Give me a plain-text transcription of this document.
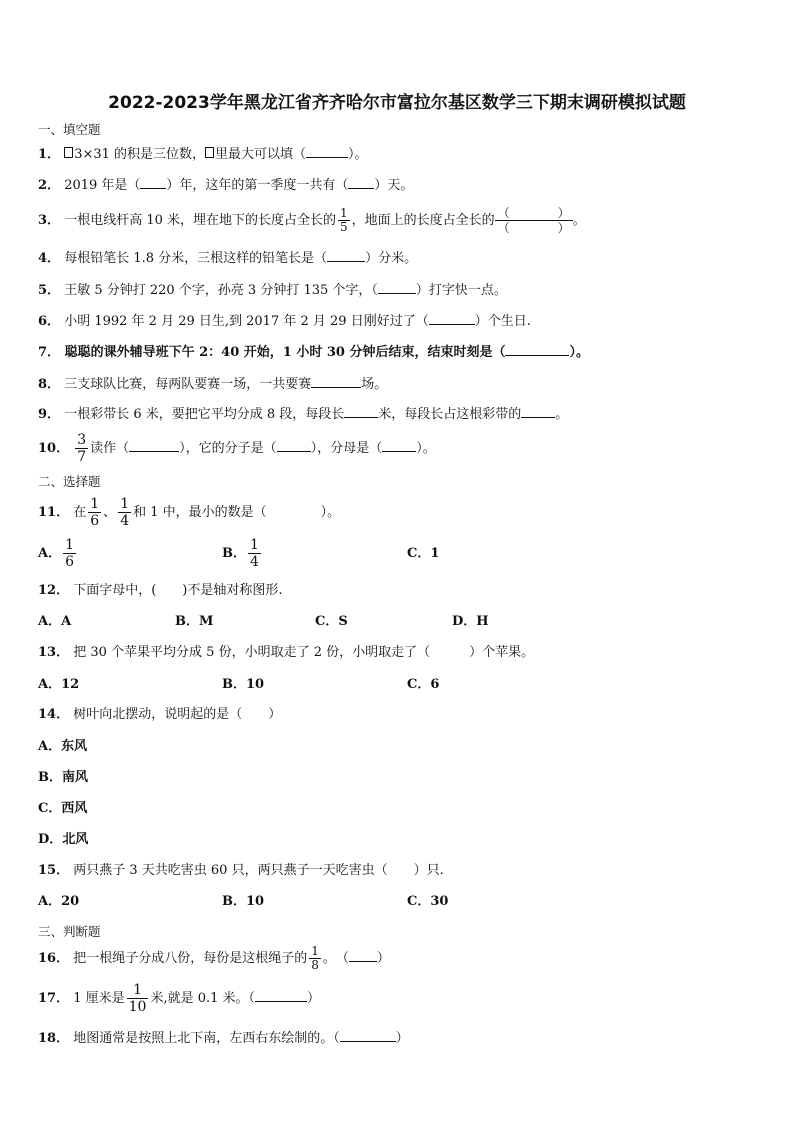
2022-2023学年黑龙江省齐齐哈尔市富拉尔基区数学三下期末调研模拟试题
一、填空题
1． 3×31 的积是三位数， 里最大可以填（	）。
2． 2019 年是（ ）年，这年的第一季度一共有（ ）天。
3． 一根电线杆高 10 米，埋在地下的长度占全长的 $\frac{1}{5}$ ，地面上的长度占全长的 （　　　　）
（　　　　） 。
4． 每根铅笔长 1.8 分米，三根这样的铅笔长是（	）分米。
5． 王敏 5 分钟打 220 个字，孙亮 3 分钟打 135 个字，（	）打字快一点。
6． 小明 1992 年 2 月 29 日生,到 2017 年 2 月 29 日刚好过了（	）个生日.
7． 聪聪的课外辅导班下午 2：40 开始，1 小时 30 分钟后结束，结束时刻是（	）。
8． 三支球队比赛，每两队要赛一场，一共要赛	场。
9． 一根彩带长 6 米，要把它平均分成 8 段，每段长	米，每段长占这根彩带的	。
10． $\frac{3}{7}$ 读作（	），它的分子是（	），分母是（	）。
二、选择题
11． 在 $\frac{1}{6}$ 、 $\frac{1}{4}$ 和 1 中，最小的数是（	）。
A． $\frac{1}{6}$	B． $\frac{1}{4}$	C．1
12． 下面字母中，(　　)不是轴对称图形.
A．A	B．M	C．S	D．H
13． 把 30 个苹果平均分成 5 份，小明取走了 2 份，小明取走了（　　　）个苹果。
A．12	B．10	C．6
14． 树叶向北摆动，说明起的是（　　）
A．东风
B．南风
C．西风
D．北风
15． 两只燕子 3 天共吃害虫 60 只，两只燕子一天吃害虫（　　）只.
A．20	B．10	C．30
三、判断题
16． 把一根绳子分成八份，每份是这根绳子的 $\frac{1}{8}$ 。　（ ）
17． 1 厘米是 $\frac{1}{10}$ 米,就是 0.1 米。（	）
18． 地图通常是按照上北下南，左西右东绘制的。（	）
